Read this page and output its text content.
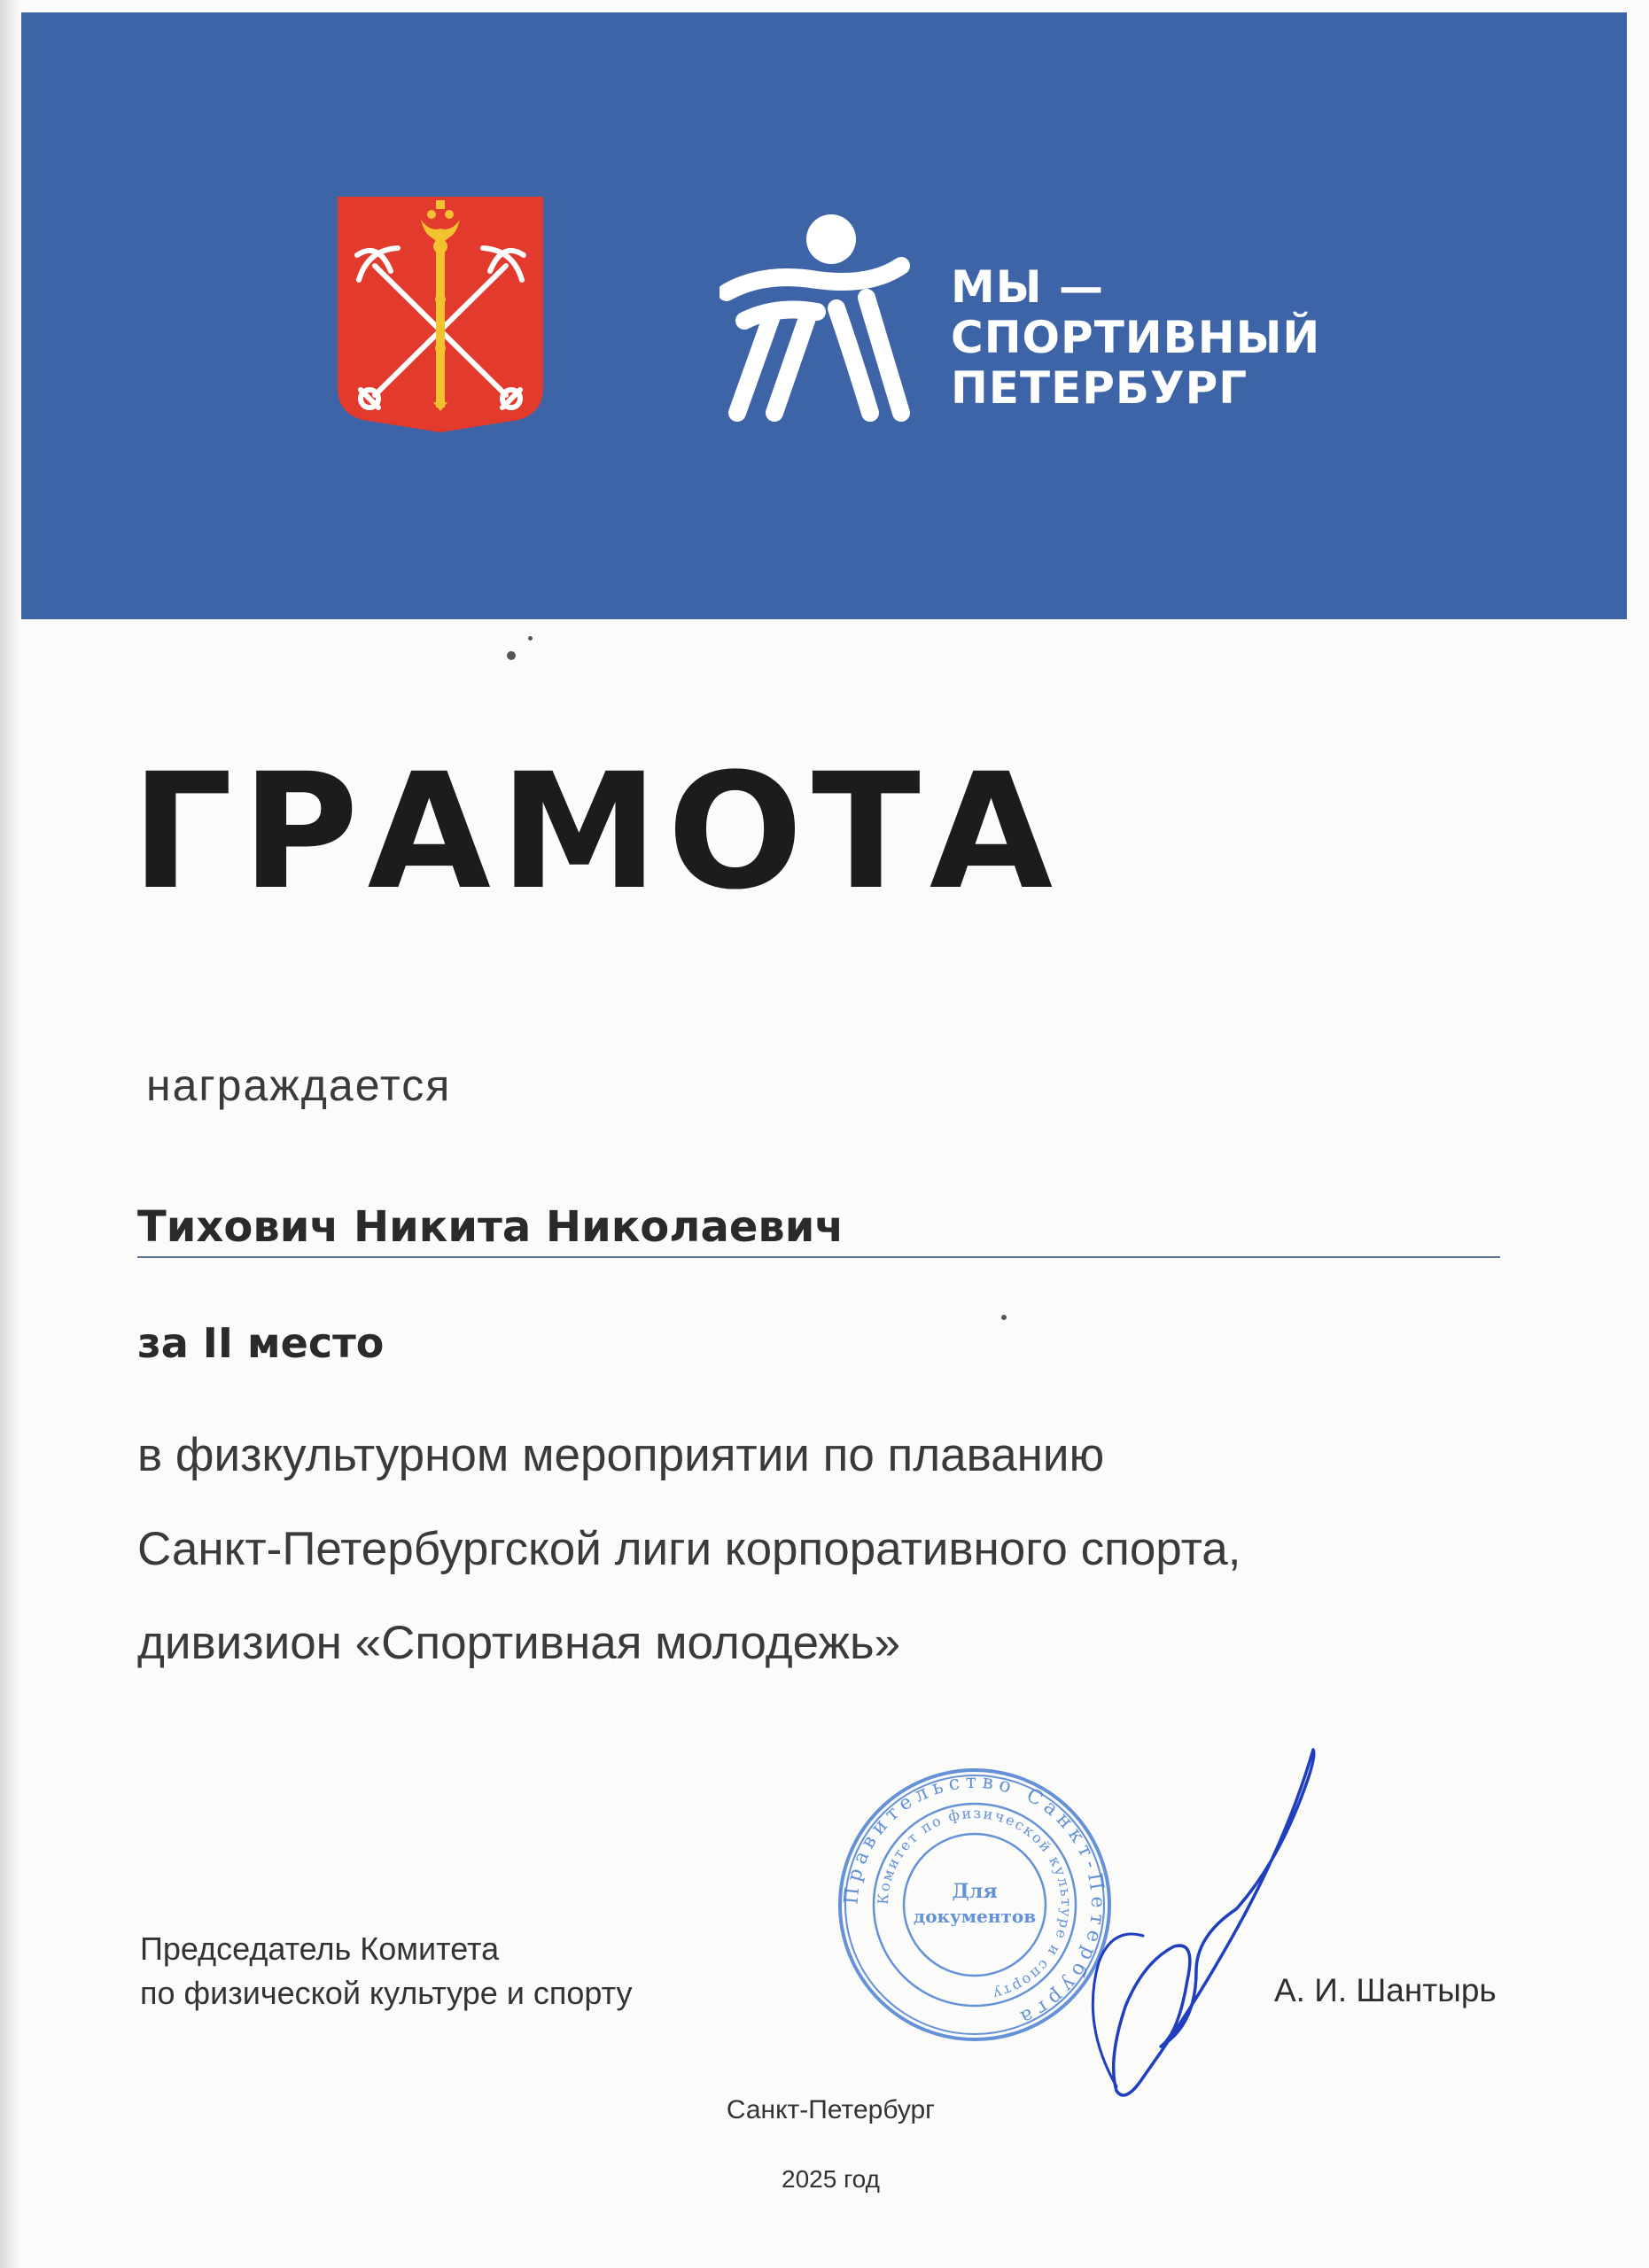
МЫ —
СПОРТИВНЫЙ
ПЕТЕРБУРГ
ГРАМОТА
награждается
Тихович Никита Николаевич
за II место
в физкультурном мероприятии по плаванию
Санкт-Петербургской лиги корпоративного спорта,
дивизион «Спортивная молодежь»
Председатель Комитета
по физической культуре и спорту
Правительство Санкт-Петербурга
Комитет по физической культуре и спорту
Для
документов
А. И. Шантырь
Санкт-Петербург
2025 год
